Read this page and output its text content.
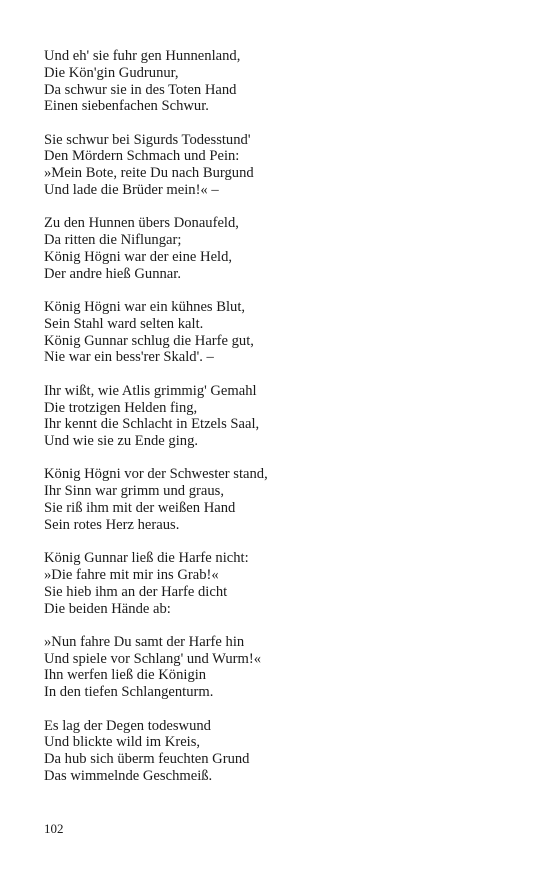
Und eh' sie fuhr gen Hunnenland,
Die Kön'gin Gudrunur,
Da schwur sie in des Toten Hand
Einen siebenfachen Schwur.
Sie schwur bei Sigurds Todesstund'
Den Mördern Schmach und Pein:
»Mein Bote, reite Du nach Burgund
Und lade die Brüder mein!« –
Zu den Hunnen übers Donaufeld,
Da ritten die Niflungar;
König Högni war der eine Held,
Der andre hieß Gunnar.
König Högni war ein kühnes Blut,
Sein Stahl ward selten kalt.
König Gunnar schlug die Harfe gut,
Nie war ein bess'rer Skald'. –
Ihr wißt, wie Atlis grimmig' Gemahl
Die trotzigen Helden fing,
Ihr kennt die Schlacht in Etzels Saal,
Und wie sie zu Ende ging.
König Högni vor der Schwester stand,
Ihr Sinn war grimm und graus,
Sie riß ihm mit der weißen Hand
Sein rotes Herz heraus.
König Gunnar ließ die Harfe nicht:
»Die fahre mit mir ins Grab!«
Sie hieb ihm an der Harfe dicht
Die beiden Hände ab:
»Nun fahre Du samt der Harfe hin
Und spiele vor Schlang' und Wurm!«
Ihn werfen ließ die Königin
In den tiefen Schlangenturm.
Es lag der Degen todeswund
Und blickte wild im Kreis,
Da hub sich überm feuchten Grund
Das wimmelnde Geschmeiß.
102
